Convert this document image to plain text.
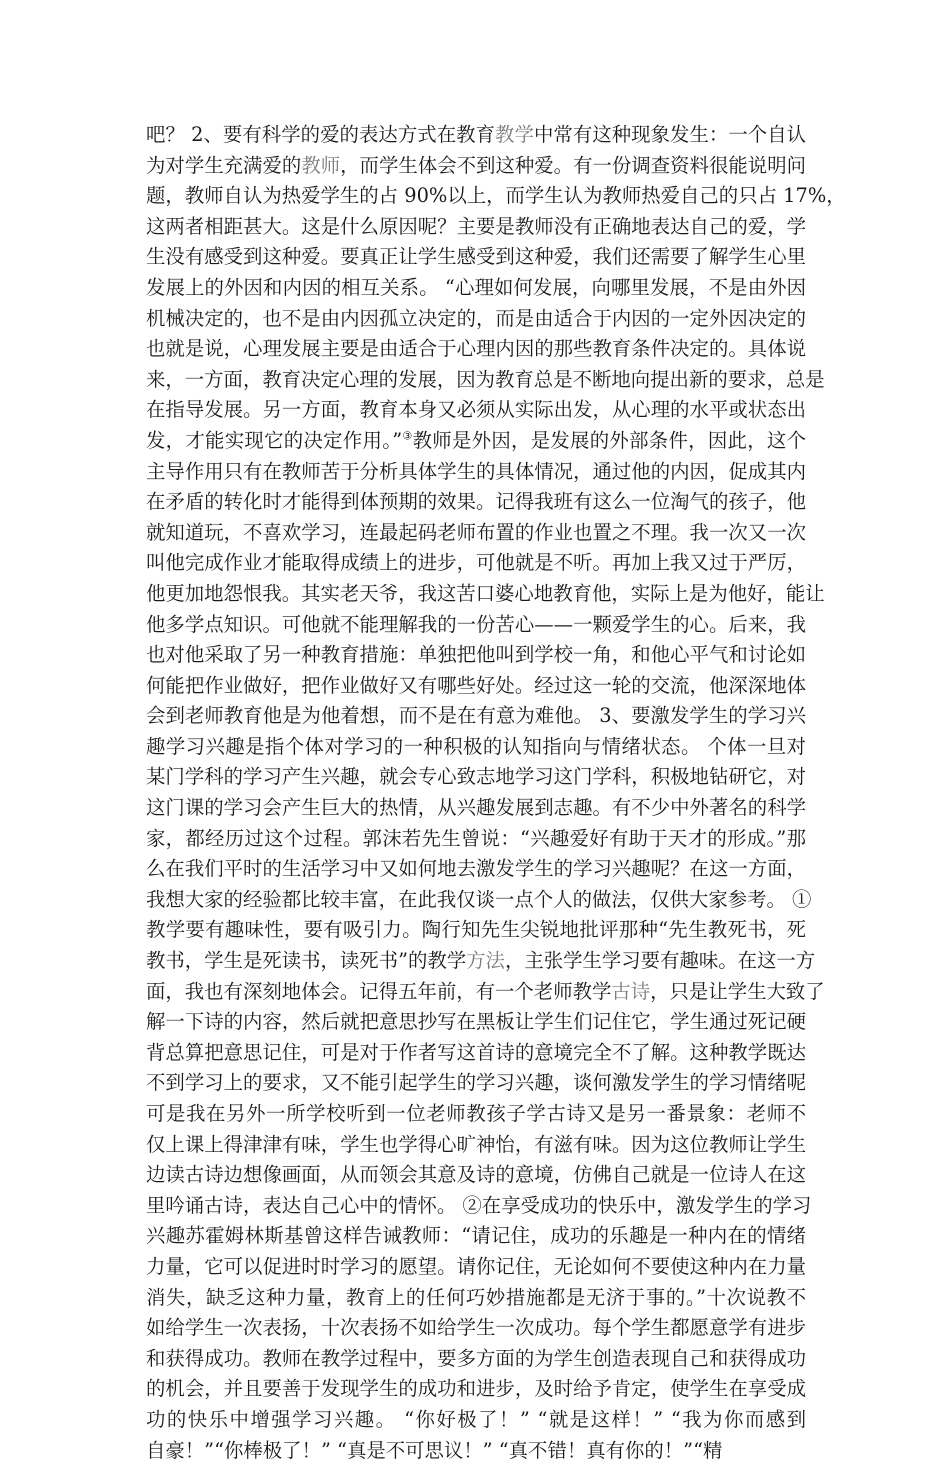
吧？ 2、要有科学的爱的表达方式在教育教学中常有这种现象发生：一个自认
为对学生充满爱的教师，而学生体会不到这种爱。有一份调查资料很能说明问
题，教师自认为热爱学生的占 90%以上，而学生认为教师热爱自己的只占 17%，
这两者相距甚大。这是什么原因呢？主要是教师没有正确地表达自己的爱，学
生没有感受到这种爱。要真正让学生感受到这种爱，我们还需要了解学生心里
发展上的外因和内因的相互关系。 “心理如何发展，向哪里发展，不是由外因
机械决定的，也不是由内因孤立决定的，而是由适合于内因的一定外因决定的
也就是说，心理发展主要是由适合于心理内因的那些教育条件决定的。具体说
来，一方面，教育决定心理的发展，因为教育总是不断地向提出新的要求，总是
在指导发展。另一方面，教育本身又必须从实际出发，从心理的水平或状态出
发，才能实现它的决定作用。”③教师是外因，是发展的外部条件，因此，这个
主导作用只有在教师苦于分析具体学生的具体情况，通过他的内因，促成其内
在矛盾的转化时才能得到体预期的效果。记得我班有这么一位淘气的孩子，他
就知道玩，不喜欢学习，连最起码老师布置的作业也置之不理。我一次又一次
叫他完成作业才能取得成绩上的进步，可他就是不听。再加上我又过于严厉，
他更加地怨恨我。其实老天爷，我这苦口婆心地教育他，实际上是为他好，能让
他多学点知识。可他就不能理解我的一份苦心——一颗爱学生的心。后来，我
也对他采取了另一种教育措施：单独把他叫到学校一角，和他心平气和讨论如
何能把作业做好，把作业做好又有哪些好处。经过这一轮的交流，他深深地体
会到老师教育他是为他着想，而不是在有意为难他。 3、要激发学生的学习兴
趣学习兴趣是指个体对学习的一种积极的认知指向与情绪状态。 个体一旦对
某门学科的学习产生兴趣，就会专心致志地学习这门学科，积极地钻研它，对
这门课的学习会产生巨大的热情，从兴趣发展到志趣。有不少中外著名的科学
家，都经历过这个过程。郭沫若先生曾说：“兴趣爱好有助于天才的形成。”那
么在我们平时的生活学习中又如何地去激发学生的学习兴趣呢？在这一方面，
我想大家的经验都比较丰富，在此我仅谈一点个人的做法，仅供大家参考。 ①
教学要有趣味性，要有吸引力。陶行知先生尖锐地批评那种“先生教死书，死
教书，学生是死读书，读死书”的教学方法，主张学生学习要有趣味。在这一方
面，我也有深刻地体会。记得五年前，有一个老师教学古诗，只是让学生大致了
解一下诗的内容，然后就把意思抄写在黑板让学生们记住它，学生通过死记硬
背总算把意思记住，可是对于作者写这首诗的意境完全不了解。这种教学既达
不到学习上的要求，又不能引起学生的学习兴趣，谈何激发学生的学习情绪呢
可是我在另外一所学校听到一位老师教孩子学古诗又是另一番景象：老师不
仅上课上得津津有味，学生也学得心旷神怡，有滋有味。因为这位教师让学生
边读古诗边想像画面，从而领会其意及诗的意境，仿佛自己就是一位诗人在这
里吟诵古诗，表达自己心中的情怀。 ②在享受成功的快乐中，激发学生的学习
兴趣苏霍姆林斯基曾这样告诫教师：“请记住，成功的乐趣是一种内在的情绪
力量，它可以促进时时学习的愿望。请你记住，无论如何不要使这种内在力量
消失，缺乏这种力量，教育上的任何巧妙措施都是无济于事的。”十次说教不
如给学生一次表扬，十次表扬不如给学生一次成功。每个学生都愿意学有进步
和获得成功。教师在教学过程中，要多方面的为学生创造表现自己和获得成功
的机会，并且要善于发现学生的成功和进步，及时给予肯定，使学生在享受成
功的快乐中增强学习兴趣。 “你好极了！” “就是这样！” “我为你而感到
自豪！”“你棒极了！” “真是不可思议！” “真不错！真有你的！”“精
